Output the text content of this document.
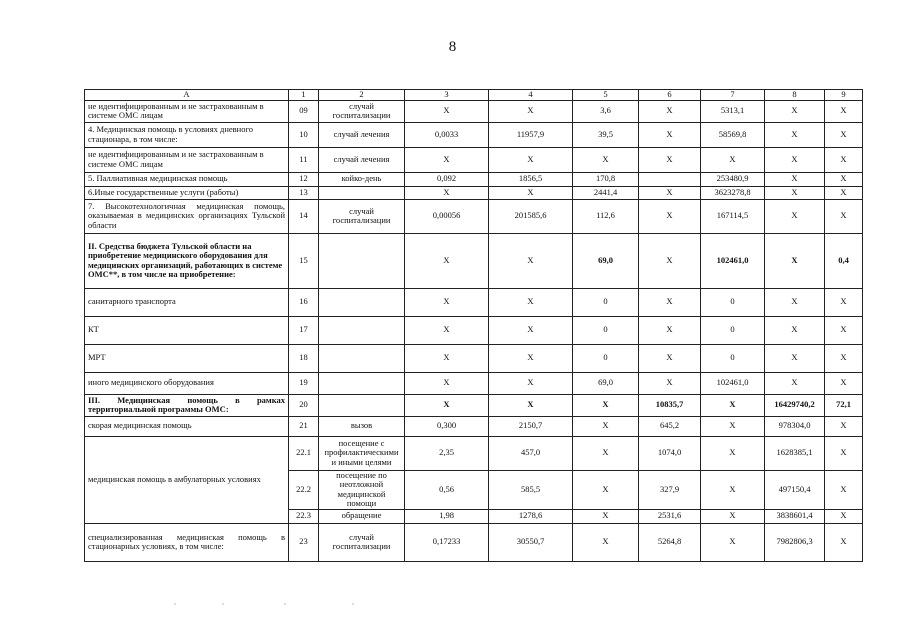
8
A	1	2	3	4	5	6	7	8	9
не идентифицированным и не застрахованным в системе ОМС лицам	09	случай госпитализации	X	X	3,6	X	5313,1	X	X
4. Медицинская помощь в условиях дневного стационара, в том числе:	10	случай лечения	0,0033	11957,9	39,5	X	58569,8	X	X
не идентифицированным и не застрахованным в системе ОМС лицам	11	случай лечения	X	X	X	X	X	X	X
5. Паллиативная медицинская помощь	12	койко-день	0,092	1856,5	170,8		253480,9	X	X
6.Иные государственные услуги (работы)	13		X	X	2441,4	X	3623278,8	X	X
7. Высокотехнологичная медицинская помощь, оказываемая в медицинских организациях Тульской области	14	случай госпитализации	0,00056	201585,6	112,6	X	167114,5	X	X
II. Средства бюджета Тульской области на приобретение медицинского оборудования для медицинских организаций, работающих в системе ОМС**, в том числе на приобретение:	15		X	X	69,0	X	102461,0	X	0,4
санитарного транспорта	16		X	X	0	X	0	X	X
КТ	17		X	X	0	X	0	X	X
МРТ	18		X	X	0	X	0	X	X
иного медицинского оборудования	19		X	X	69,0	X	102461,0	X	X
III. Медицинская помощь в рамках территориальной программы ОМС:	20		X	X	X	10835,7	X	16429740,2	72,1
скорая медицинская помощь	21	вызов	0,300	2150,7	X	645,2	X	978304,0	X
медицинская помощь в амбулаторных условиях	22.1	посещение с профилактическими и иными целями	2,35	457,0	X	1074,0	X	1628385,1	X
	22.2	посещение по неотложной медицинской помощи	0,56	585,5	X	327,9	X	497150,4	X
	22.3	обращение	1,98	1278,6	X	2531,6	X	3838601,4	X
специализированная медицинская помощь в стационарных условиях, в том числе:	23	случай госпитализации	0,17233	30550,7	X	5264,8	X	7982806,3	X
